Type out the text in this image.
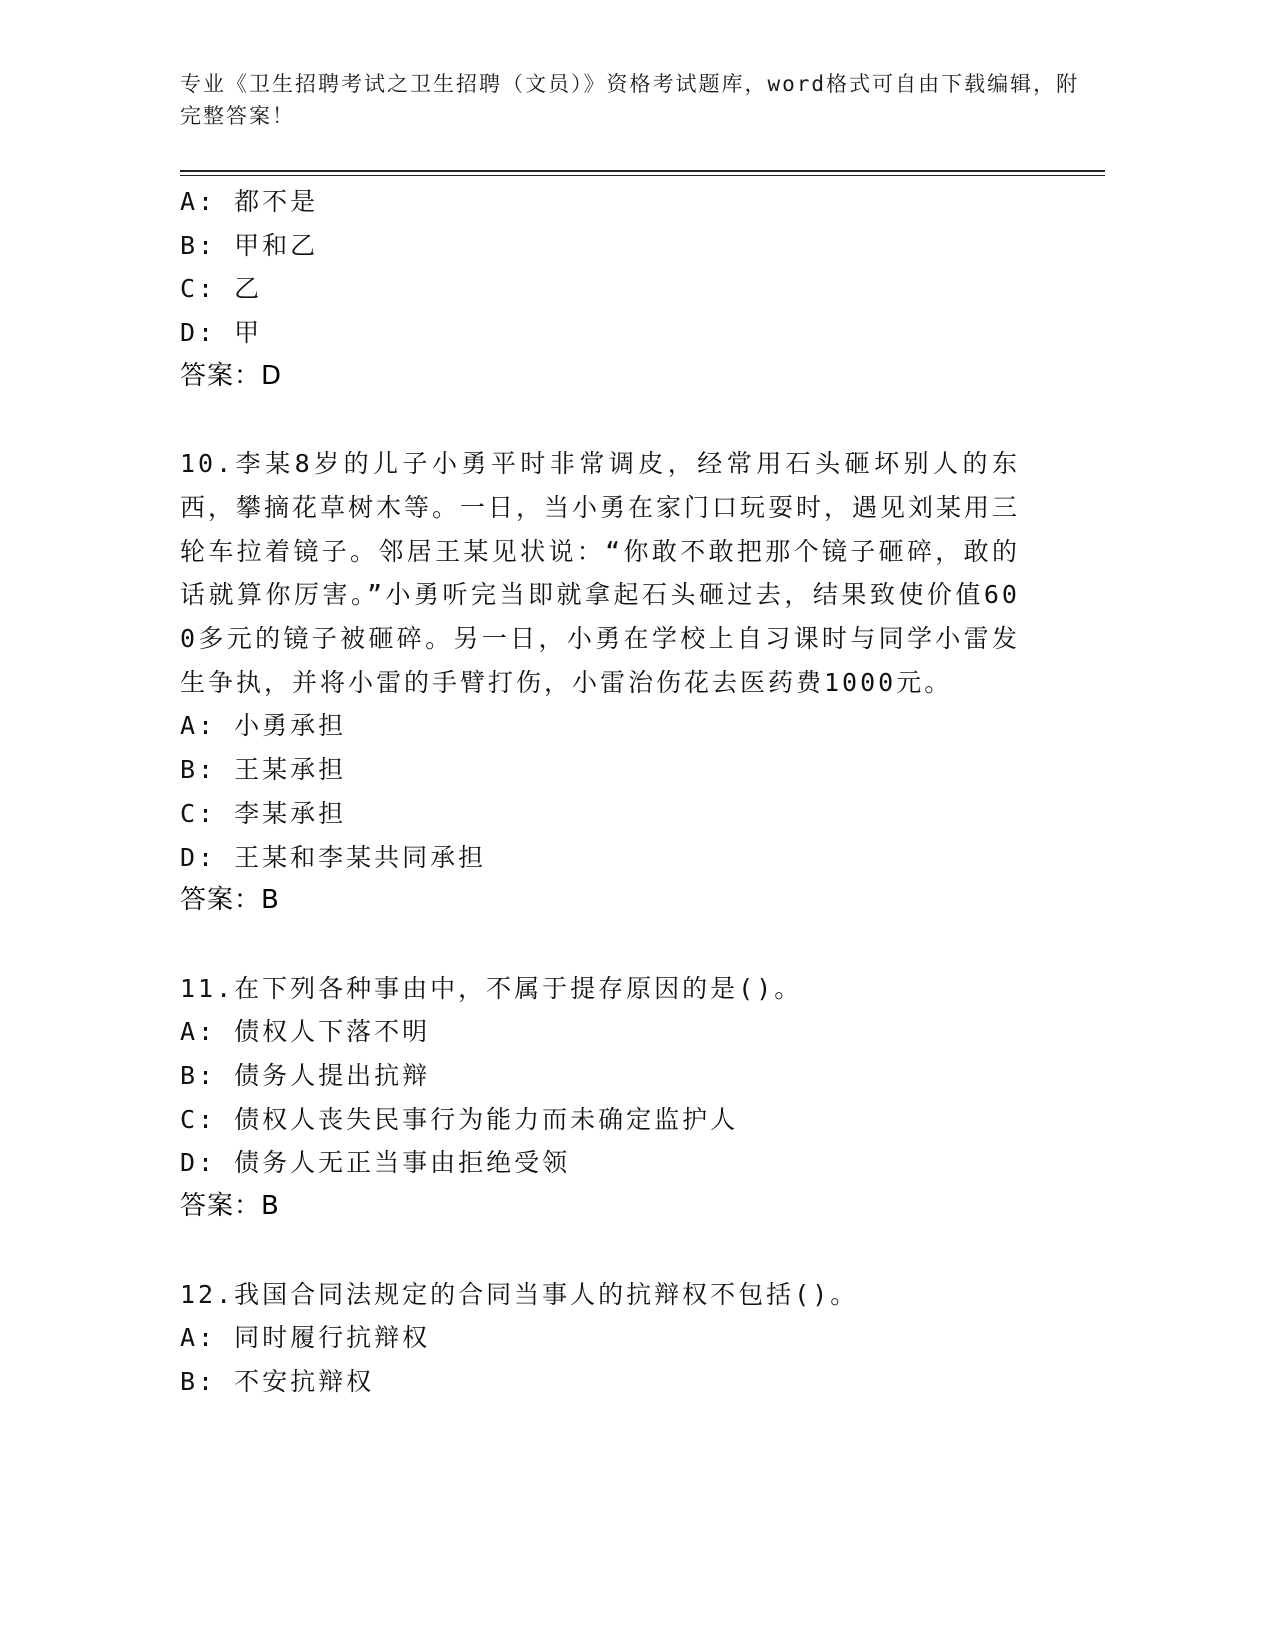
专业《卫生招聘考试之卫生招聘（文员）》资格考试题库，word格式可自由下载编辑，附完整答案！
A: 都不是
B: 甲和乙
C: 乙
D: 甲
答案：D
10.李某8岁的儿子小勇平时非常调皮，经常用石头砸坏别人的东西，攀摘花草树木等。一日，当小勇在家门口玩耍时，遇见刘某用三轮车拉着镜子。邻居王某见状说：“你敢不敢把那个镜子砸碎，敢的话就算你厉害。”小勇听完当即就拿起石头砸过去，结果致使价值600多元的镜子被砸碎。另一日，小勇在学校上自习课时与同学小雷发生争执，并将小雷的手臂打伤，小雷治伤花去医药费1000元。
A: 小勇承担
B: 王某承担
C: 李某承担
D: 王某和李某共同承担
答案：B
11.在下列各种事由中，不属于提存原因的是()。
A: 债权人下落不明
B: 债务人提出抗辩
C: 债权人丧失民事行为能力而未确定监护人
D: 债务人无正当事由拒绝受领
答案：B
12.我国合同法规定的合同当事人的抗辩权不包括()。
A: 同时履行抗辩权
B: 不安抗辩权
